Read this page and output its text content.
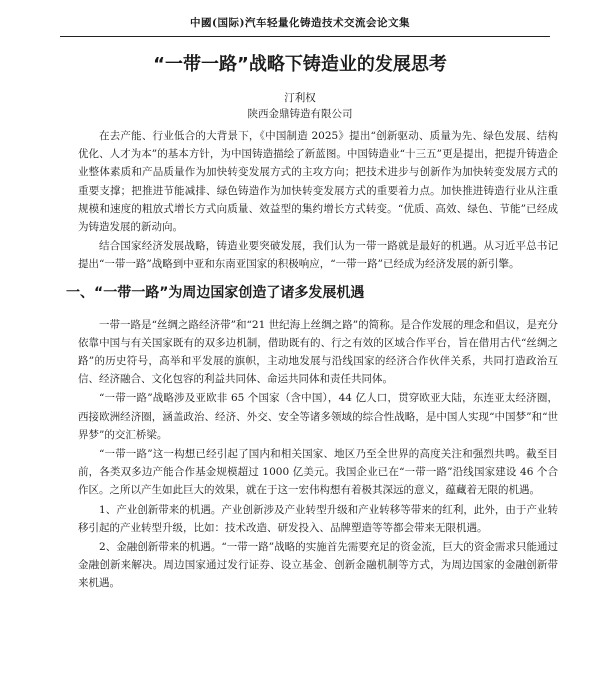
中國(国际)汽车轻量化铸造技术交流会论文集
“一带一路”战略下铸造业的发展思考
汀利权
陕西金鼎铸造有限公司

在去产能、行业低合的大背景下，《中国制造 2025》提出“创新驱动、质量为先、绿色发展、结构优化、人才为本”的基本方针，为中国铸造描绘了新蓝图。中国铸造业“十三五”更是提出，把提升铸造企业整体素质和产品质量作为加快转变发展方式的主攻方向；把技术进步与创新作为加快转变发展方式的重要支撑；把推进节能减排、绿色铸造作为加快转变发展方式的重要着力点。加快推进铸造行业从注重规模和速度的粗放式增长方式向质量、效益型的集约增长方式转变。“优质、高效、绿色、节能”已经成为铸造发展的新动向。

结合国家经济发展战略，铸造业要突破发展，我们认为一带一路就是最好的机遇。从习近平总书记提出“一带一路”战略到中亚和东南亚国家的积极响应，“一带一路”已经成为经济发展的新引擎。

一、“一带一路”为周边国家创造了诸多发展机遇

一带一路是“丝绸之路经济带”和“21 世纪海上丝绸之路”的简称。是合作发展的理念和倡议，是充分依靠中国与有关国家既有的双多边机制，借助既有的、行之有效的区域合作平台，旨在借用古代“丝绸之路”的历史符号，高举和平发展的旗帜，主动地发展与沿线国家的经济合作伙伴关系，共同打造政治互信、经济融合、文化包容的利益共同体、命运共同体和责任共同体。

“一带一路”战略涉及亚欧非 65 个国家（含中国），44 亿人口，贯穿欧亚大陆，东连亚太经济圈，西接欧洲经济圈，涵盖政治、经济、外交、安全等诸多领域的综合性战略，是中国人实现“中国梦”和“世界梦”的交汇桥梁。

“一带一路”这一构想已经引起了国内和相关国家、地区乃至全世界的高度关注和强烈共鸣。截至目前，各类双多边产能合作基金规模超过 1000 亿美元。我国企业已在“一带一路”沿线国家建设 46 个合作区。之所以产生如此巨大的效果，就在于这一宏伟构想有着极其深远的意义，蕴藏着无限的机遇。

1、产业创新带来的机遇。产业创新涉及产业转型升级和产业转移等带来的红利，此外，由于产业转移引起的产业转型升级，比如：技术改造、研发投入、品牌塑造等等都会带来无限机遇。

2、金融创新带来的机遇。“一带一路”战略的实施首先需要充足的资金流，巨大的资金需求只能通过金融创新来解决。周边国家通过发行证券、设立基金、创新金融机制等方式，为周边国家的金融创新带来机遇。
